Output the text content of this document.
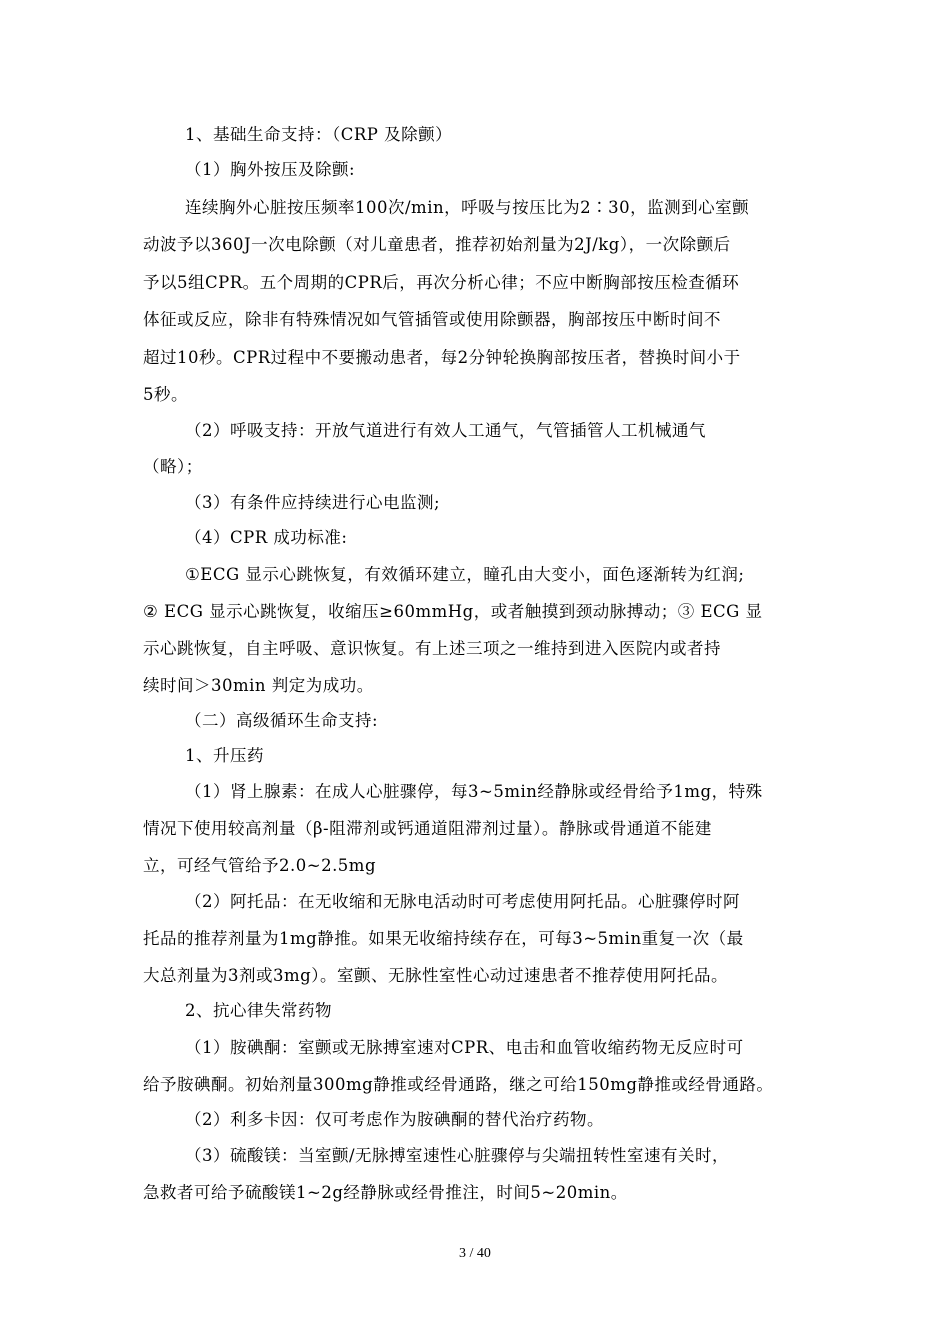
1、基础生命支持：（CRP 及除颤）
（1）胸外按压及除颤:
连续胸外心脏按压频率100次/min，呼吸与按压比为2∶30，监测到心室颤
动波予以360J一次电除颤（对儿童患者，推荐初始剂量为2J/kg），一次除颤后
予以5组CPR。五个周期的CPR后，再次分析心律；不应中断胸部按压检查循环
体征或反应，除非有特殊情况如气管插管或使用除颤器，胸部按压中断时间不
超过10秒。CPR过程中不要搬动患者，每2分钟轮换胸部按压者，替换时间小于
5秒。
（2）呼吸支持：开放气道进行有效人工通气，气管插管人工机械通气
（略）；
（3）有条件应持续进行心电监测;
（4）CPR 成功标准:
①ECG 显示心跳恢复，有效循环建立，瞳孔由大变小，面色逐渐转为红润;
② ECG 显示心跳恢复，收缩压≥60mmHg，或者触摸到颈动脉搏动；③ ECG 显
示心跳恢复，自主呼吸、意识恢复。有上述三项之一维持到进入医院内或者持
续时间＞30min 判定为成功。
（二）高级循环生命支持:
1、升压药
（1）肾上腺素：在成人心脏骤停，每3~5min经静脉或经骨给予1mg，特殊
情况下使用较高剂量（β-阻滞剂或钙通道阻滞剂过量）。静脉或骨通道不能建
立，可经气管给予2.0~2.5mg
（2）阿托品：在无收缩和无脉电活动时可考虑使用阿托品。心脏骤停时阿
托品的推荐剂量为1mg静推。如果无收缩持续存在，可每3~5min重复一次（最
大总剂量为3剂或3mg）。室颤、无脉性室性心动过速患者不推荐使用阿托品。
2、抗心律失常药物
（1）胺碘酮：室颤或无脉搏室速对CPR、电击和血管收缩药物无反应时可
给予胺碘酮。初始剂量300mg静推或经骨通路，继之可给150mg静推或经骨通路。
（2）利多卡因：仅可考虑作为胺碘酮的替代治疗药物。
（3）硫酸镁：当室颤/无脉搏室速性心脏骤停与尖端扭转性室速有关时，
急救者可给予硫酸镁1~2g经静脉或经骨推注，时间5~20min。
3 / 40
